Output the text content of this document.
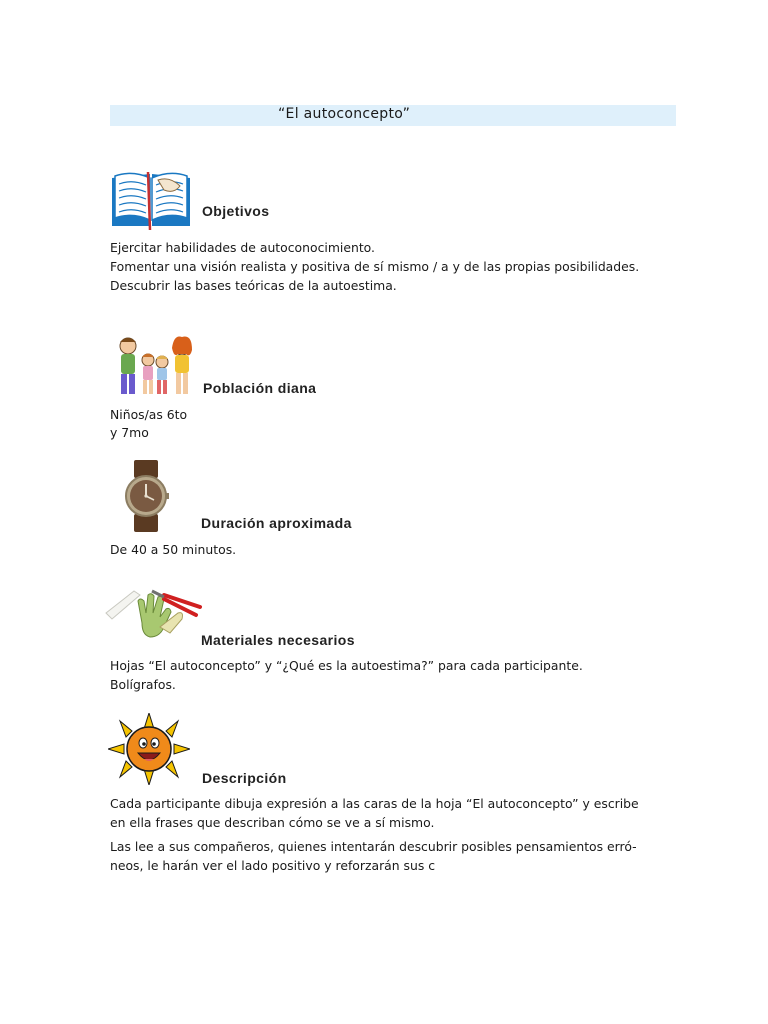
“El autoconcepto”
Objetivos
Ejercitar habilidades de autoconocimiento.
Fomentar una visión realista y positiva de sí mismo / a y de las propias posibilidades.
Descubrir las bases teóricas de la autoestima.
Población diana
Niños/as 6to
y 7mo
Duración aproximada
De 40 a 50 minutos.
Materiales necesarios
Hojas “El autoconcepto” y “¿Qué es la autoestima?” para cada participante.
Bolígrafos.
Descripción
Cada participante dibuja expresión a las caras de la hoja “El autoconcepto” y escribe
en ella frases que describan cómo se ve a sí mismo.
Las lee a sus compañeros, quienes intentarán descubrir posibles pensamientos erró-
neos, le harán ver el lado positivo y reforzarán sus c
